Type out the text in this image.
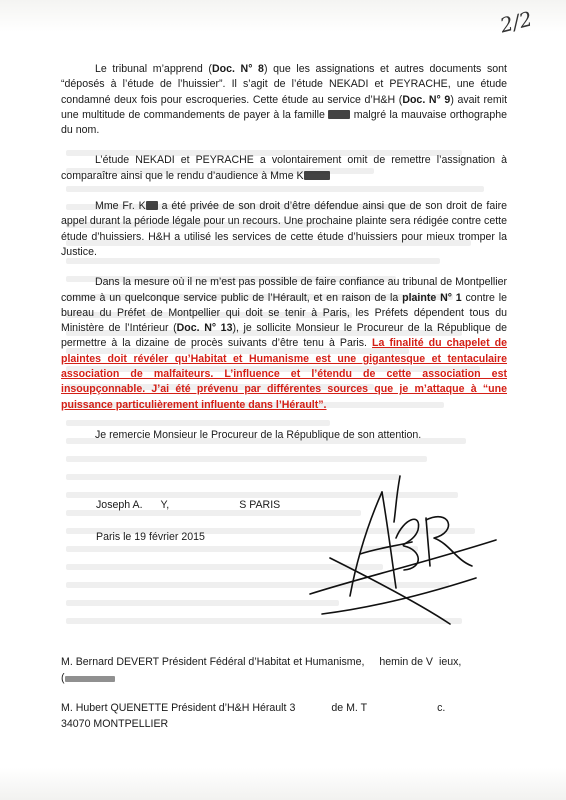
2/2

Le tribunal m’apprend (Doc. N° 8) que les assignations et autres documents sont “déposés à l’étude de l’huissier”. Il s’agit de l’étude NEKADI et PEYRACHE, une étude condamné deux fois pour escroqueries. Cette étude au service d’H&H (Doc. N° 9) avait remit une multitude de commandements de payer à la famille  malgré la mauvaise orthographe du nom.

L’étude NEKADI et PEYRACHE a volontairement omit de remettre l’assignation à comparaître ainsi que le rendu d’audience à Mme K

Mme Fr. K a été privée de son droit d’être défendue ainsi que de son droit de faire appel durant la période légale pour un recours. Une prochaine plainte sera rédigée contre cette étude d’huissiers. H&H a utilisé les services de cette étude d’huissiers pour mieux tromper la Justice.

Dans la mesure où il ne m’est pas possible de faire confiance au tribunal de Montpellier comme à un quelconque service public de l’Hérault, et en raison de la plainte N° 1 contre le bureau du Préfet de Montpellier qui doit se tenir à Paris, les Préfets dépendent tous du Ministère de l’Intérieur (Doc. N° 13), je sollicite Monsieur le Procureur de la République de permettre à la dizaine de procès suivants d’être tenu à Paris. La finalité du chapelet de plaintes doit révéler qu’Habitat et Humanisme est une gigantesque et tentaculaire association de malfaiteurs. L’influence et l’étendu de cette association est insoupçonnable. J’ai été prévenu par différentes sources que je m’attaque à “une puissance particulièrement influente dans l’Hérault”.

Je remercie Monsieur le Procureur de la République de son attention.

Joseph A. Y,	S PARIS
Paris le 19 février 2015

M. Bernard DEVERT Président Fédéral d’Habitat et Humanisme, hemin de V ieux,
(

M. Hubert QUENETTE Président d’H&H Hérault 3	de M. T	c.
34070 MONTPELLIER
